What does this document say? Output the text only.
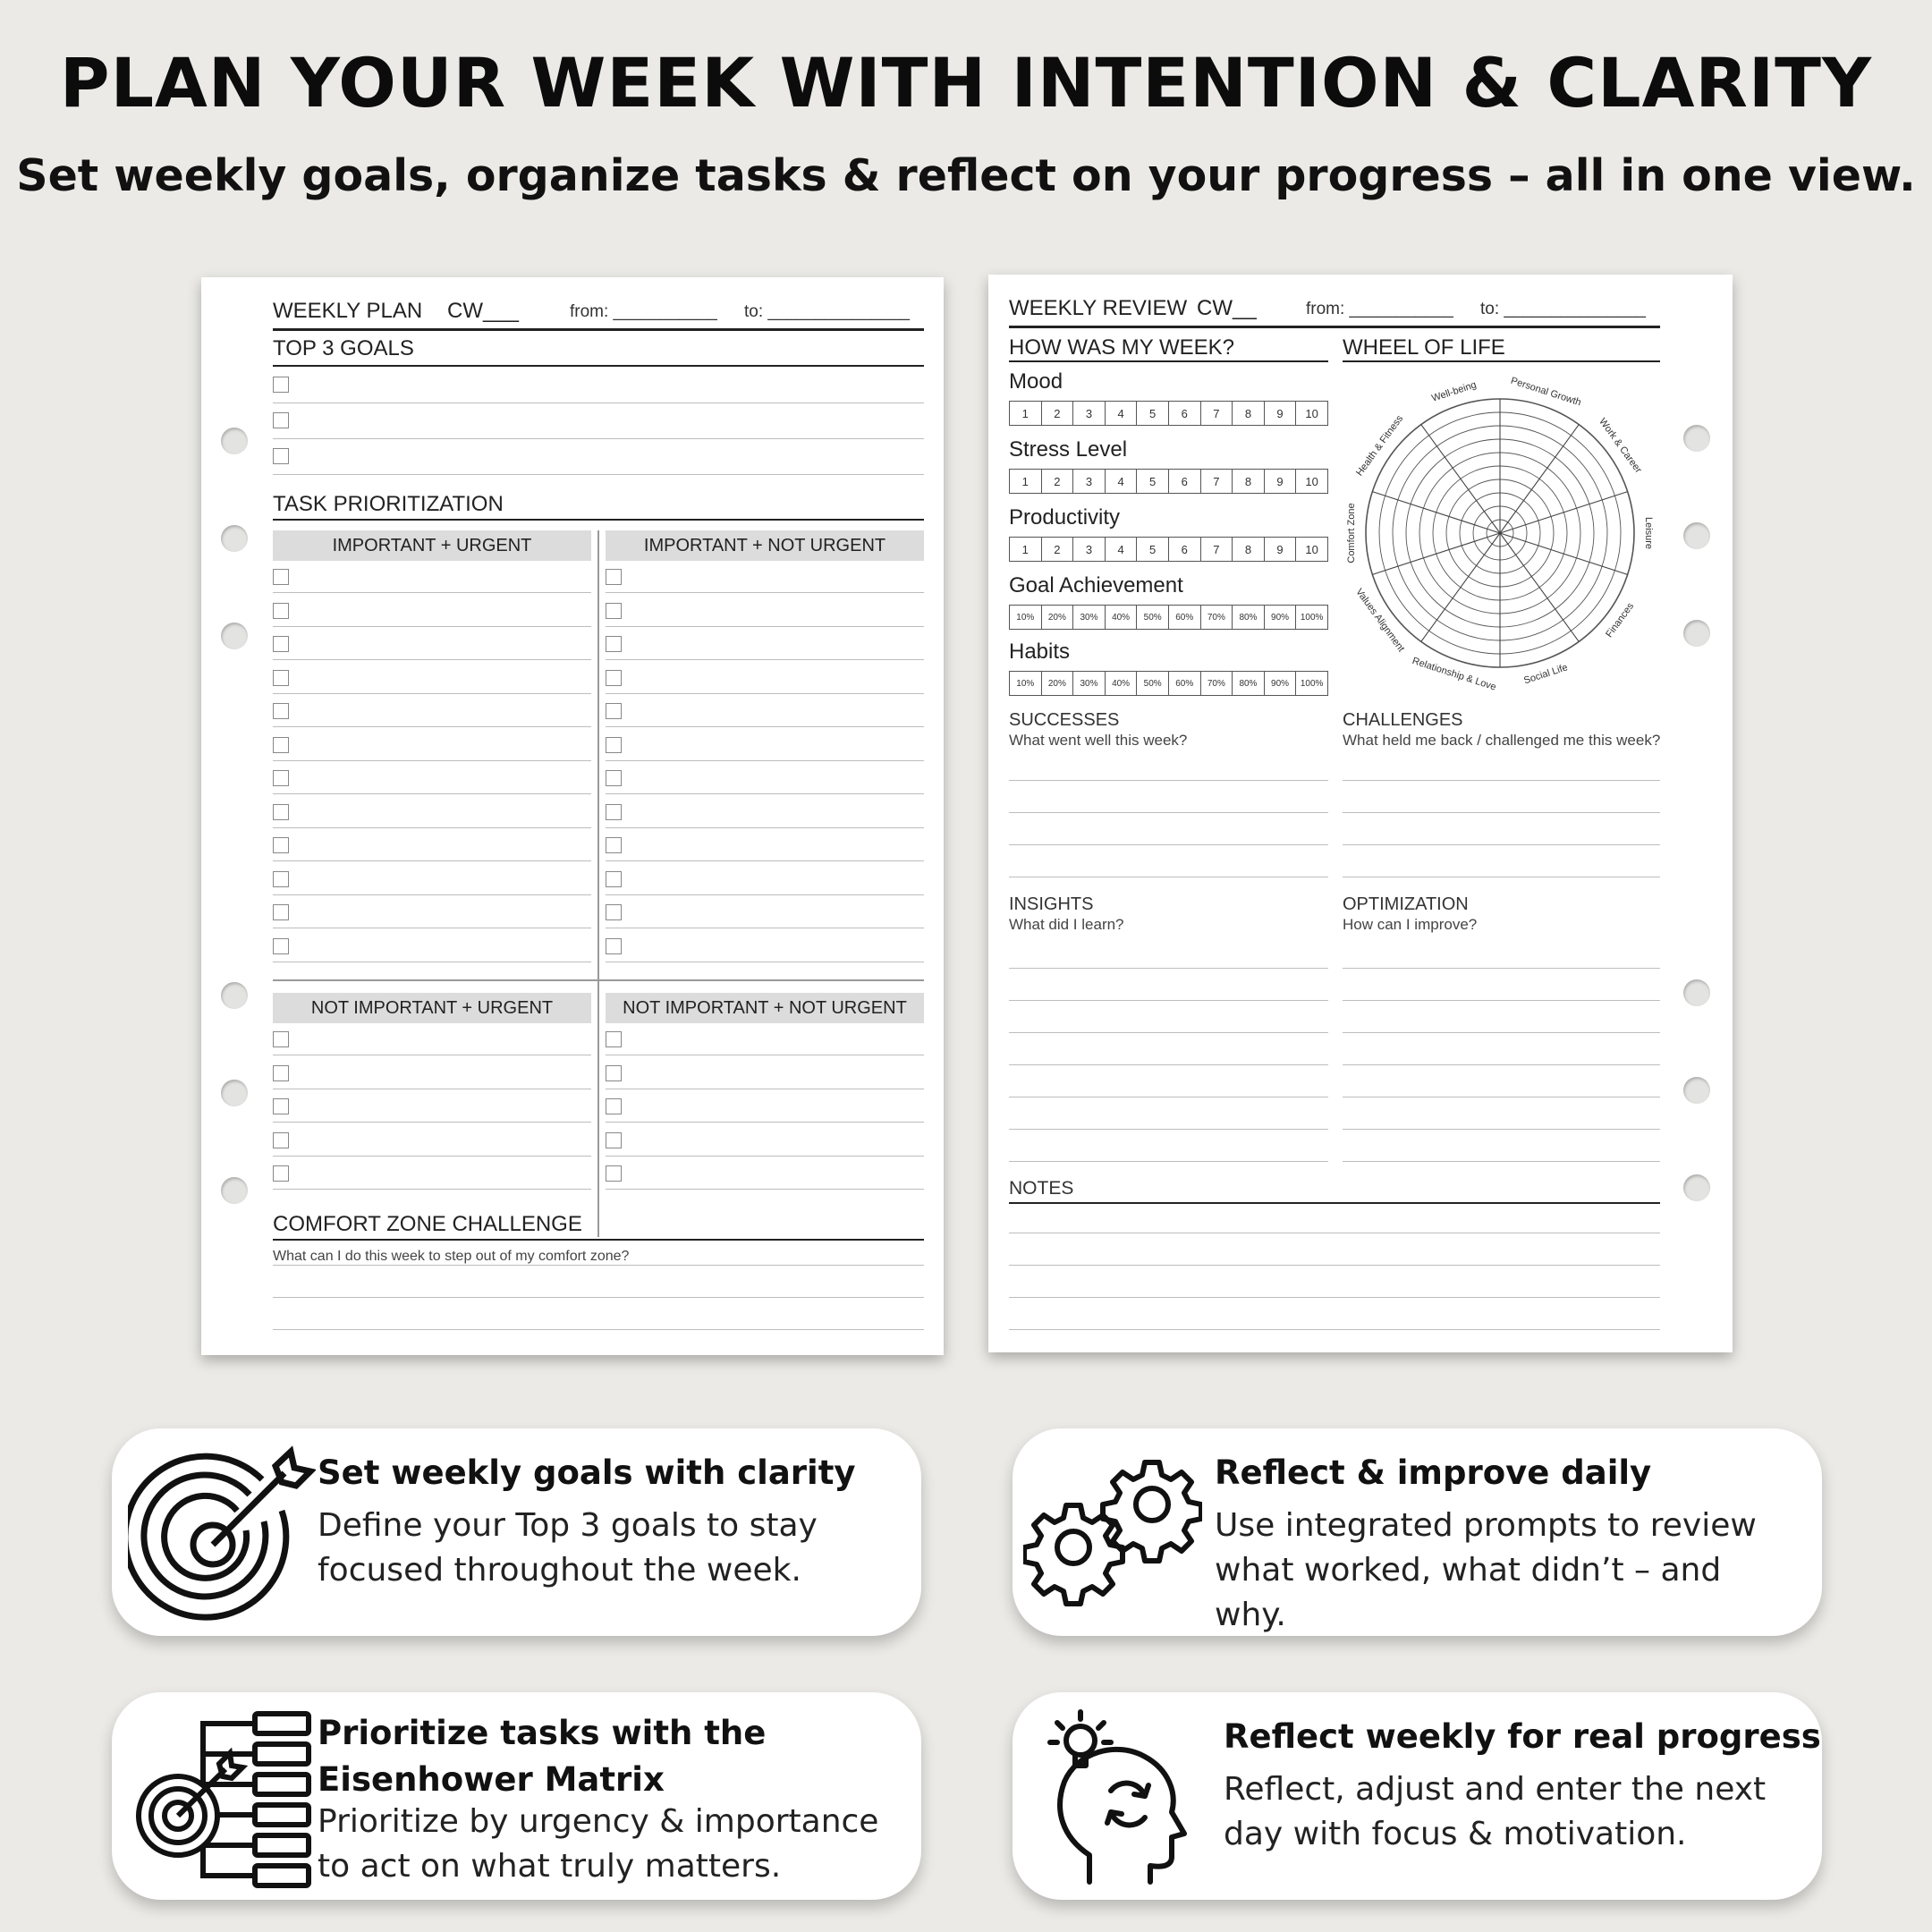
PLAN YOUR WEEK WITH INTENTION & CLARITY
Set weekly goals, organize tasks & reflect on your progress – all in one view.
WEEKLY PLAN CW___	from: ___________ to: _______________
TOP 3 GOALS
TASK PRIORITIZATION
IMPORTANT + URGENT	IMPORTANT + NOT URGENT
NOT IMPORTANT + URGENT	NOT IMPORTANT + NOT URGENT
COMFORT ZONE CHALLENGE
What can I do this week to step out of my comfort zone?
WEEKLY REVIEW CW__	from: ___________ to: _______________
HOW WAS MY WEEK?	WHEEL OF LIFE
Mood
1	2	3	4	5	6	7	8	9	10
Stress Level
1	2	3	4	5	6	7	8	9	10
Productivity
1	2	3	4	5	6	7	8	9	10
Goal Achievement
10%	20%	30%	40%	50%	60%	70%	80%	90%	100%
Habits
10%	20%	30%	40%	50%	60%	70%	80%	90%	100%
Personal Growth
Work & Career
Leisure
Finances
Social Life
Relationship & Love
Values Alignment
Comfort Zone
Health & Fitness
Well-being
SUCCESSES
What went well this week?
CHALLENGES
What held me back / challenged me this week?
INSIGHTS
What did I learn?
OPTIMIZATION
How can I improve?
NOTES
Set weekly goals with clarity
Define your Top 3 goals to stay
focused throughout the week.
Reflect & improve daily
Use integrated prompts to review
what worked, what didn’t – and
why.
Prioritize tasks with the
Eisenhower Matrix
Prioritize by urgency & importance
to act on what truly matters.
Reflect weekly for real progress
Reflect, adjust and enter the next
day with focus & motivation.
